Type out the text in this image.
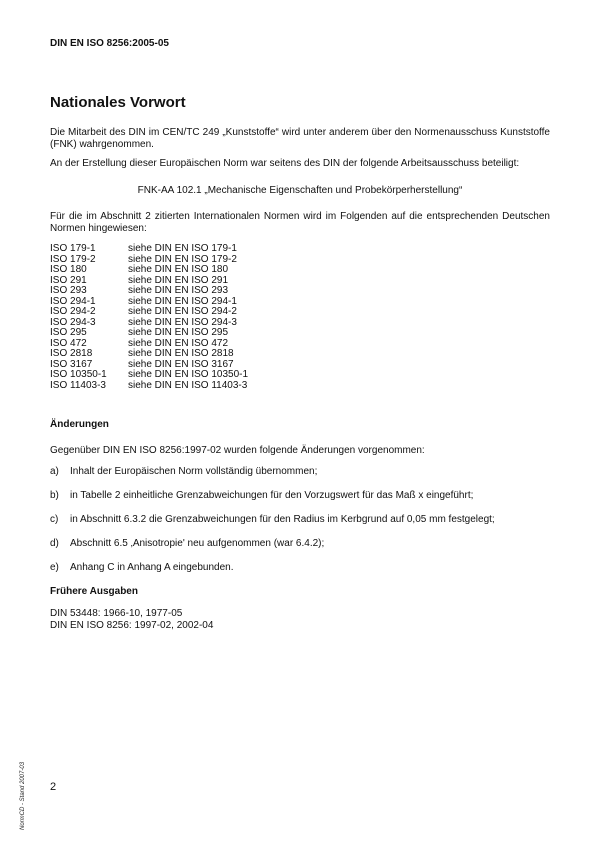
DIN EN ISO 8256:2005-05
Nationales Vorwort

Die Mitarbeit des DIN im CEN/TC 249 „Kunststoffe“ wird unter anderem über den Normenausschuss Kunststoffe (FNK) wahrgenommen.

An der Erstellung dieser Europäischen Norm war seitens des DIN der folgende Arbeitsausschuss beteiligt:

FNK-AA 102.1 „Mechanische Eigenschaften und Probekörperherstellung“

Für die im Abschnitt 2 zitierten Internationalen Normen wird im Folgenden auf die entsprechenden Deutschen Normen hingewiesen:

ISO 179-1	siehe DIN EN ISO 179-1
ISO 179-2	siehe DIN EN ISO 179-2
ISO 180	siehe DIN EN ISO 180
ISO 291	siehe DIN EN ISO 291
ISO 293	siehe DIN EN ISO 293
ISO 294-1	siehe DIN EN ISO 294-1
ISO 294-2	siehe DIN EN ISO 294-2
ISO 294-3	siehe DIN EN ISO 294-3
ISO 295	siehe DIN EN ISO 295
ISO 472	siehe DIN EN ISO 472
ISO 2818	siehe DIN EN ISO 2818
ISO 3167	siehe DIN EN ISO 3167
ISO 10350-1	siehe DIN EN ISO 10350-1
ISO 11403-3	siehe DIN EN ISO 11403-3
Änderungen

Gegenüber DIN EN ISO 8256:1997-02 wurden folgende Änderungen vorgenommen:

a)	Inhalt der Europäischen Norm vollständig übernommen;
b)	in Tabelle 2 einheitliche Grenzabweichungen für den Vorzugswert für das Maß x eingeführt;
c)	in Abschnitt 6.3.2 die Grenzabweichungen für den Radius im Kerbgrund auf 0,05 mm festgelegt;
d)	Abschnitt 6.5 ‚Anisotropie' neu aufgenommen (war 6.4.2);
e)	Anhang C in Anhang A eingebunden.
Frühere Ausgaben
DIN 53448: 1966-10, 1977-05
DIN EN ISO 8256: 1997-02, 2002-04
2
NormCD - Stand 2007-03
